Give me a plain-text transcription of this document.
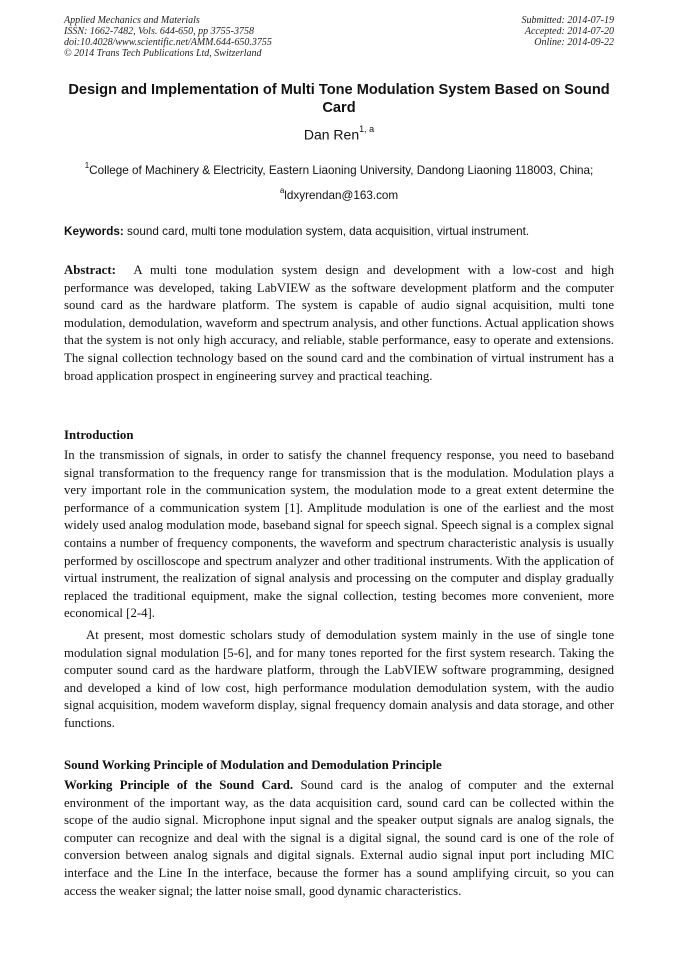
Applied Mechanics and Materials
ISSN: 1662-7482, Vols. 644-650, pp 3755-3758
doi:10.4028/www.scientific.net/AMM.644-650.3755
© 2014 Trans Tech Publications Ltd, Switzerland
Submitted: 2014-07-19
Accepted: 2014-07-20
Online: 2014-09-22
Design and Implementation of Multi Tone Modulation System Based on Sound Card
Dan Ren$^{1, a}$
$^1$College of Machinery & Electricity, Eastern Liaoning University, Dandong Liaoning 118003, China;
$^a$ldxyrendan@163.com
Keywords: sound card, multi tone modulation system, data acquisition, virtual instrument.
Abstract: A multi tone modulation system design and development with a low-cost and high performance was developed, taking LabVIEW as the software development platform and the computer sound card as the hardware platform. The system is capable of audio signal acquisition, multi tone modulation, demodulation, waveform and spectrum analysis, and other functions. Actual application shows that the system is not only high accuracy, and reliable, stable performance, easy to operate and extensions. The signal collection technology based on the sound card and the combination of virtual instrument has a broad application prospect in engineering survey and practical teaching.
Introduction
In the transmission of signals, in order to satisfy the channel frequency response, you need to baseband signal transformation to the frequency range for transmission that is the modulation. Modulation plays a very important role in the communication system, the modulation mode to a great extent determine the performance of a communication system [1]. Amplitude modulation is one of the earliest and the most widely used analog modulation mode, baseband signal for speech signal. Speech signal is a complex signal contains a number of frequency components, the waveform and spectrum characteristic analysis is usually performed by oscilloscope and spectrum analyzer and other traditional instruments. With the application of virtual instrument, the realization of signal analysis and processing on the computer and display gradually replaced the traditional equipment, make the signal collection, testing becomes more convenient, more economical [2-4].
At present, most domestic scholars study of demodulation system mainly in the use of single tone modulation signal modulation [5-6], and for many tones reported for the first system research. Taking the computer sound card as the hardware platform, through the LabVIEW software programming, designed and developed a kind of low cost, high performance modulation demodulation system, with the audio signal acquisition, modem waveform display, signal frequency domain analysis and data storage, and other functions.
Sound Working Principle of Modulation and Demodulation Principle
Working Principle of the Sound Card. Sound card is the analog of computer and the external environment of the important way, as the data acquisition card, sound card can be collected within the scope of the audio signal. Microphone input signal and the speaker output signals are analog signals, the computer can recognize and deal with the signal is a digital signal, the sound card is one of the role of conversion between analog signals and digital signals. External audio signal input port including MIC interface and the Line In the interface, because the former has a sound amplifying circuit, so you can access the weaker signal; the latter noise small, good dynamic characteristics.
